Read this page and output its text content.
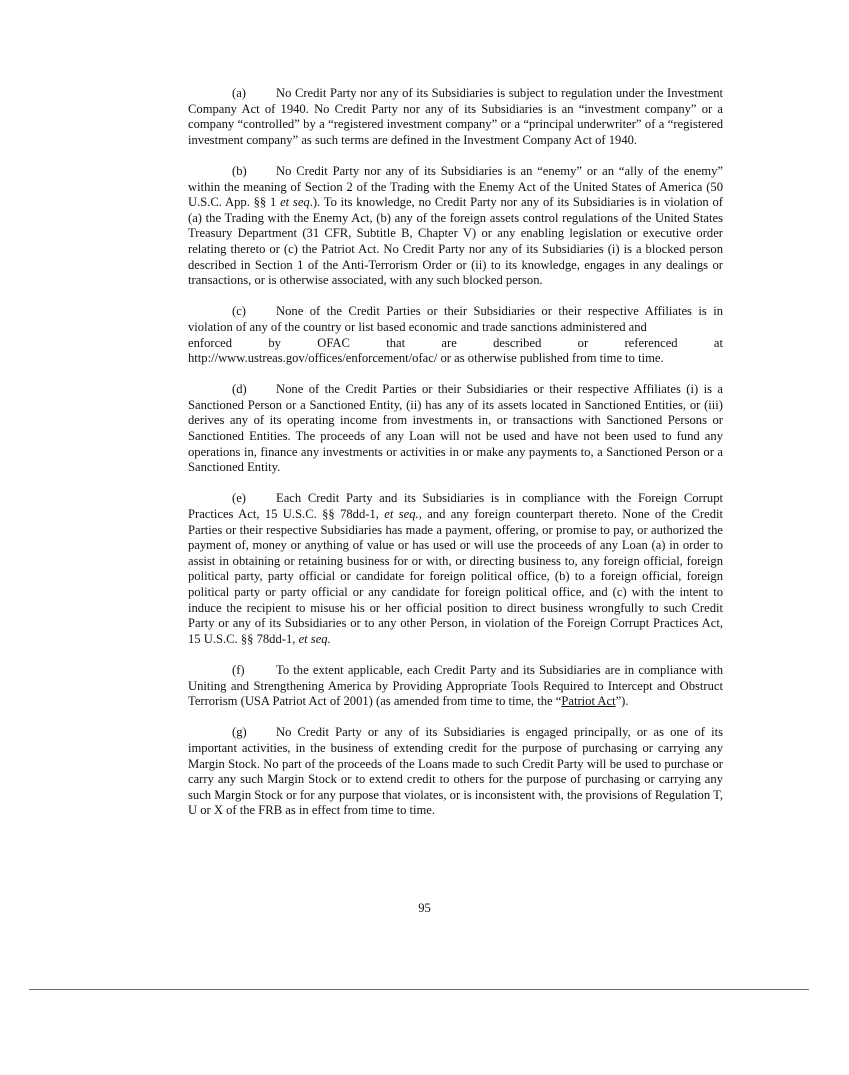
(a) No Credit Party nor any of its Subsidiaries is subject to regulation under the Investment Company Act of 1940. No Credit Party nor any of its Subsidiaries is an “investment company” or a company “controlled” by a “registered investment company” or a “principal underwriter” of a “registered investment company” as such terms are defined in the Investment Company Act of 1940.

(b) No Credit Party nor any of its Subsidiaries is an “enemy” or an “ally of the enemy” within the meaning of Section 2 of the Trading with the Enemy Act of the United States of America (50 U.S.C. App. §§ 1 et seq.). To its knowledge, no Credit Party nor any of its Subsidiaries is in violation of (a) the Trading with the Enemy Act, (b) any of the foreign assets control regulations of the United States Treasury Department (31 CFR, Subtitle B, Chapter V) or any enabling legislation or executive order relating thereto or (c) the Patriot Act. No Credit Party nor any of its Subsidiaries (i) is a blocked person described in Section 1 of the Anti-Terrorism Order or (ii) to its knowledge, engages in any dealings or transactions, or is otherwise associated, with any such blocked person.

(c) None of the Credit Parties or their Subsidiaries or their respective Affiliates is in violation of any of the country or list based economic and trade sanctions administered and
enforced by OFAC that are described or referenced at
http://www.ustreas.gov/offices/enforcement/ofac/ or as otherwise published from time to time.

(d) None of the Credit Parties or their Subsidiaries or their respective Affiliates (i) is a Sanctioned Person or a Sanctioned Entity, (ii) has any of its assets located in Sanctioned Entities, or (iii) derives any of its operating income from investments in, or transactions with Sanctioned Persons or Sanctioned Entities. The proceeds of any Loan will not be used and have not been used to fund any operations in, finance any investments or activities in or make any payments to, a Sanctioned Person or a Sanctioned Entity.

(e) Each Credit Party and its Subsidiaries is in compliance with the Foreign Corrupt Practices Act, 15 U.S.C. §§ 78dd-1, et seq., and any foreign counterpart thereto. None of the Credit Parties or their respective Subsidiaries has made a payment, offering, or promise to pay, or authorized the payment of, money or anything of value or has used or will use the proceeds of any Loan (a) in order to assist in obtaining or retaining business for or with, or directing business to, any foreign official, foreign political party, party official or candidate for foreign political office, (b) to a foreign official, foreign political party or party official or any candidate for foreign political office, and (c) with the intent to induce the recipient to misuse his or her official position to direct business wrongfully to such Credit Party or any of its Subsidiaries or to any other Person, in violation of the Foreign Corrupt Practices Act, 15 U.S.C. §§ 78dd-1, et seq.

(f) To the extent applicable, each Credit Party and its Subsidiaries are in compliance with Uniting and Strengthening America by Providing Appropriate Tools Required to Intercept and Obstruct Terrorism (USA Patriot Act of 2001) (as amended from time to time, the “Patriot Act”).

(g) No Credit Party or any of its Subsidiaries is engaged principally, or as one of its important activities, in the business of extending credit for the purpose of purchasing or carrying any Margin Stock. No part of the proceeds of the Loans made to such Credit Party will be used to purchase or carry any such Margin Stock or to extend credit to others for the purpose of purchasing or carrying any such Margin Stock or for any purpose that violates, or is inconsistent with, the provisions of Regulation T, U or X of the FRB as in effect from time to time.

95
